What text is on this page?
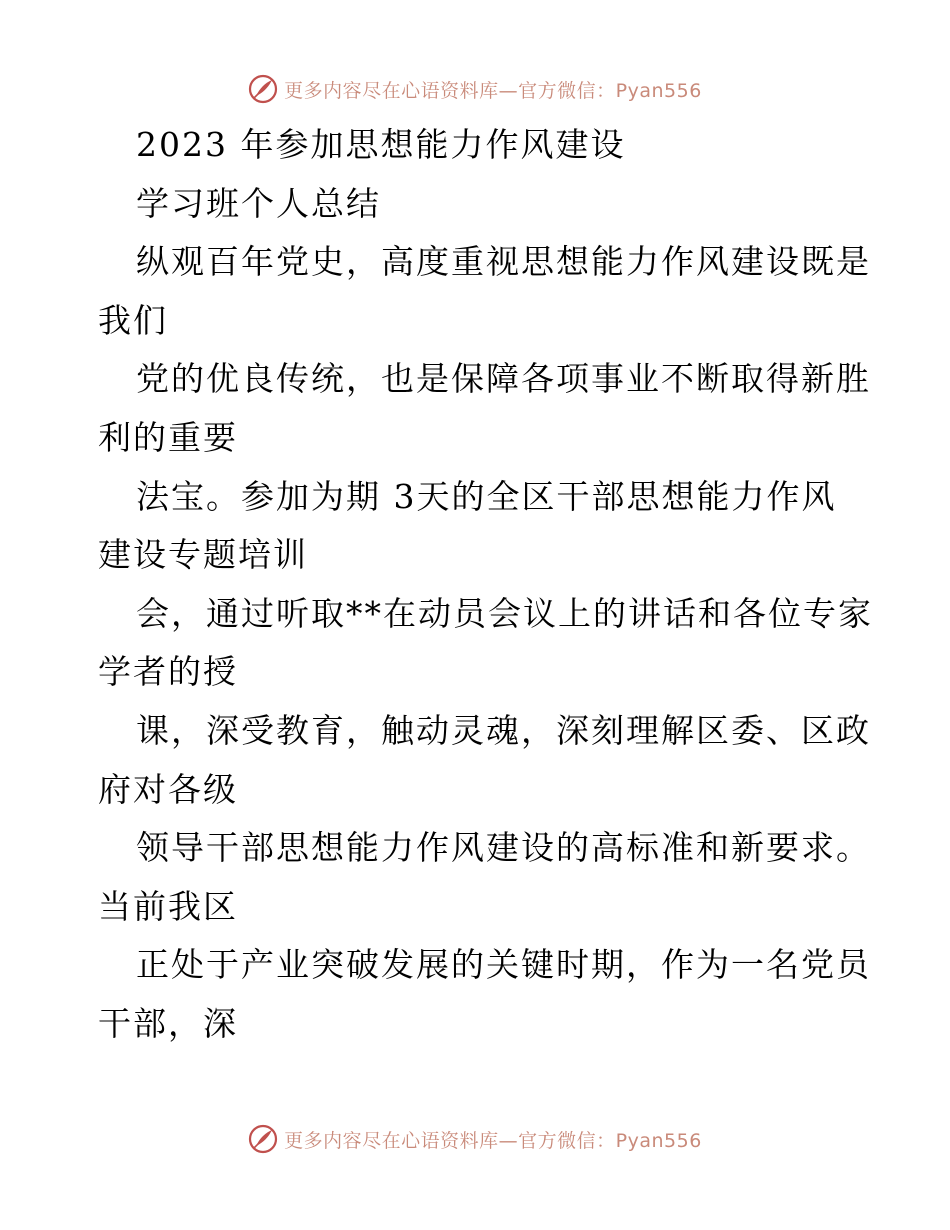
更多内容尽在心语资料库—官方微信：Pyan556
2023 年参加思想能力作风建设
学习班个人总结
纵观百年党史，高度重视思想能力作风建设既是
我们
党的优良传统，也是保障各项事业不断取得新胜
利的重要
法宝。参加为期 3天的全区干部思想能力作风
建设专题培训
会，通过听取**在动员会议上的讲话和各位专家
学者的授
课，深受教育，触动灵魂，深刻理解区委、区政
府对各级
领导干部思想能力作风建设的高标准和新要求。
当前我区
正处于产业突破发展的关键时期，作为一名党员
干部，深
更多内容尽在心语资料库—官方微信：Pyan556
